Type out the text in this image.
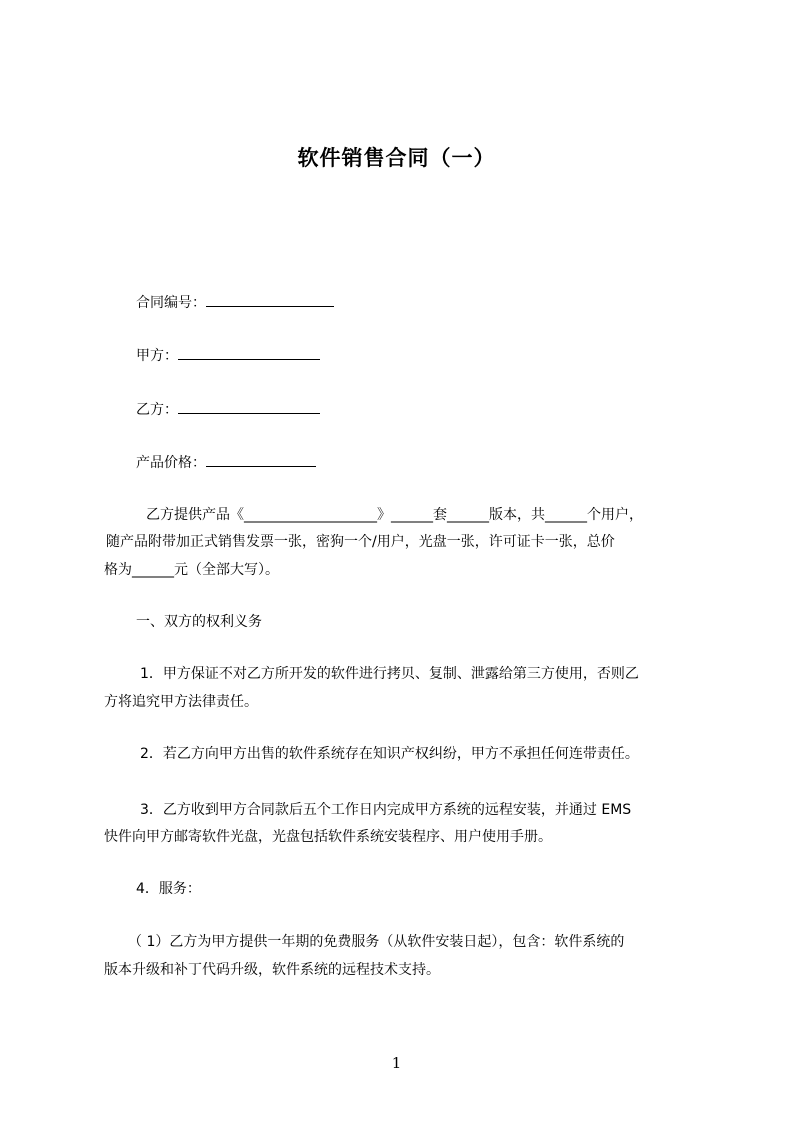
软件销售合同（一）
合同编号：
甲方：
乙方：
产品价格：
乙方提供产品《___________________》______套______版本，共______个用户，
随产品附带加正式销售发票一张，密狗一个/用户，光盘一张，许可证卡一张，总价
格为______元（全部大写）。
一、双方的权利义务
1．甲方保证不对乙方所开发的软件进行拷贝、复制、泄露给第三方使用，否则乙
方将追究甲方法律责任。
2．若乙方向甲方出售的软件系统存在知识产权纠纷，甲方不承担任何连带责任。
3．乙方收到甲方合同款后五个工作日内完成甲方系统的远程安装，并通过 EMS
快件向甲方邮寄软件光盘，光盘包括软件系统安装程序、用户使用手册。
4．服务：
（ 1）乙方为甲方提供一年期的免费服务（从软件安装日起），包含：软件系统的
版本升级和补丁代码升级，软件系统的远程技术支持。
1
